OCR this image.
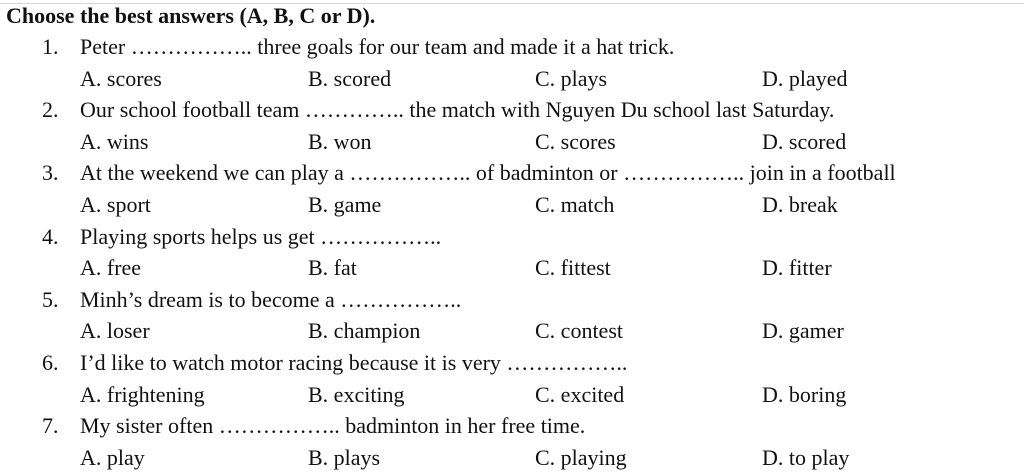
Choose the best answers (A, B, C or D).
1. Peter …………….. three goals for our team and made it a hat trick.
A. scores	B. scored	C. plays	D. played
2. Our school football team ………….. the match with Nguyen Du school last Saturday.
A. wins	B. won	C. scores	D. scored
3. At the weekend we can play a …………….. of badminton or …………….. join in a football
A. sport	B. game	C. match	D. break
4. Playing sports helps us get ……………..
A. free	B. fat	C. fittest	D. fitter
5. Minh’s dream is to become a ……………..
A. loser	B. champion	C. contest	D. gamer
6. I’d like to watch motor racing because it is very ……………..
A. frightening	B. exciting	C. excited	D. boring
7. My sister often …………….. badminton in her free time.
A. play	B. plays	C. playing	D. to play
